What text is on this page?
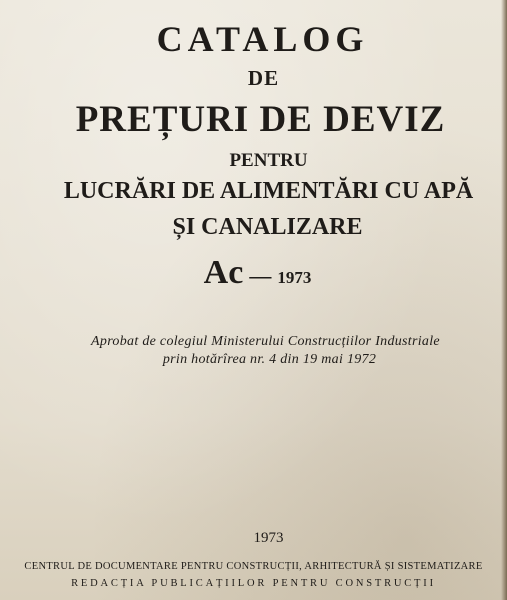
CATALOG
DE
PREȚURI DE DEVIZ
PENTRU
LUCRĂRI DE ALIMENTĂRI CU APĂ
ȘI CANALIZARE
Ac — 1973
Aprobat de colegiul Ministerului Construcțiilor Industriale
prin hotărîrea nr. 4 din 19 mai 1972
1973
CENTRUL DE DOCUMENTARE PENTRU CONSTRUCȚII, ARHITECTURĂ ȘI SISTEMATIZARE
REDACȚIA PUBLICAȚIILOR PENTRU CONSTRUCȚII
